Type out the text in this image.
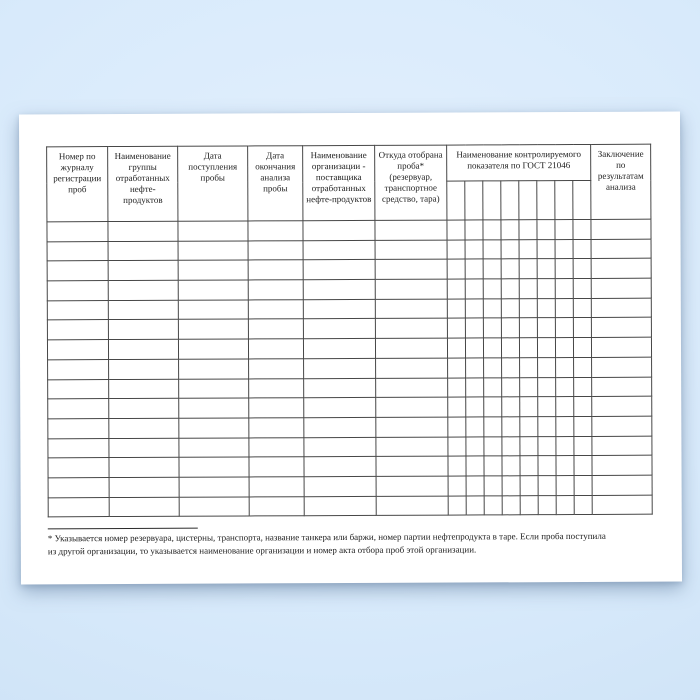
Номер по журналу регистрации проб	Наименование группы отработанных нефте-продуктов	Дата поступления пробы	Дата окончания анализа пробы	Наименование организации - поставщика отработанных нефте-продуктов	Откуда отобрана проба* (резервуар, транспортное средство, тара)	Наименование контролируемого показателя по ГОСТ 21046								Заключение по результатам анализа

* Указывается номер резервуара, цистерны, транспорта, название танкера или баржи, номер партии нефтепродукта в таре. Если проба поступила
из другой организации, то указывается наименование организации и номер акта отбора проб этой организации.
